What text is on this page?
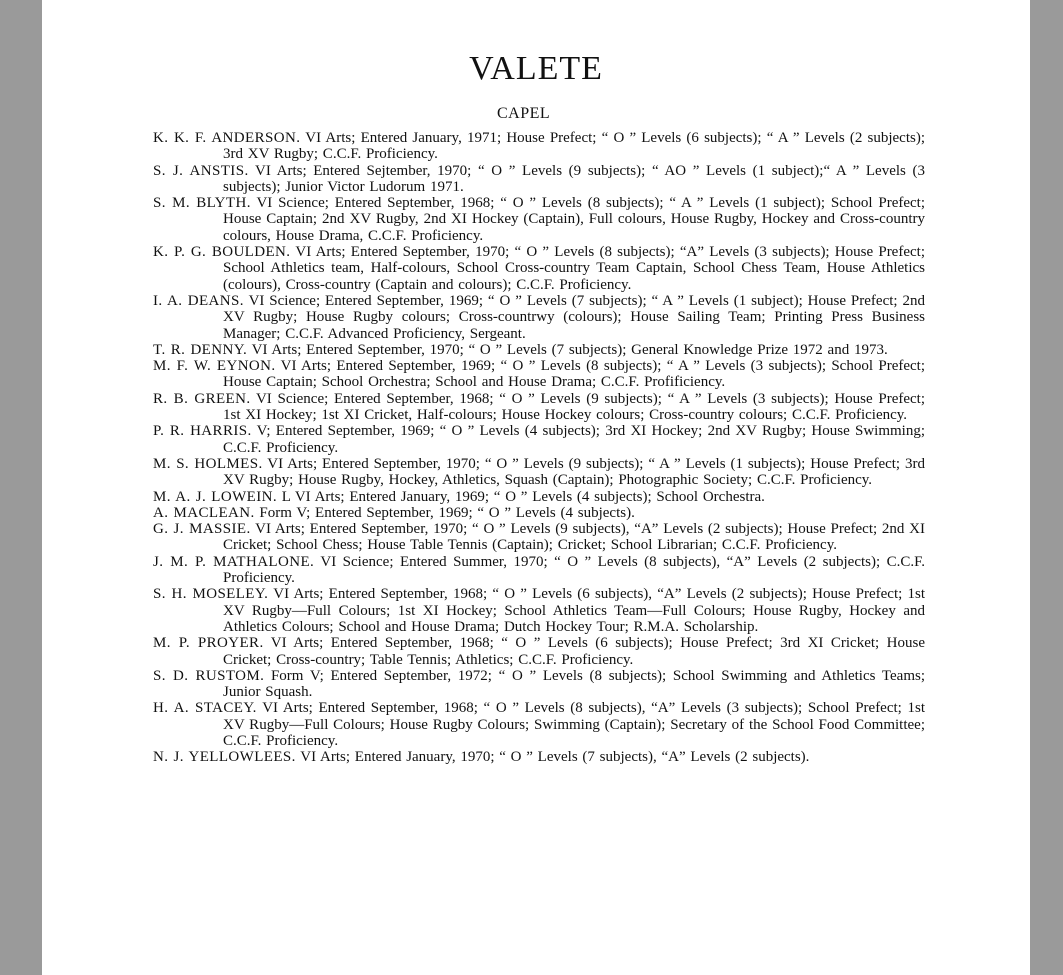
VALETE
CAPEL
K. K. F. ANDERSON. VI Arts; Entered January, 1971; House Prefect; “ O ” Levels (6 subjects); “ A ” Levels (2 subjects); 3rd XV Rugby; C.C.F. Proficiency.
S. J. ANSTIS. VI Arts; Entered Sejtember, 1970; “ O ” Levels (9 subjects); “ AO ” Levels (1 subject);“ A ” Levels (3 subjects); Junior Victor Ludorum 1971.
S. M. BLYTH. VI Science; Entered September, 1968; “ O ” Levels (8 subjects); “ A ” Levels (1 subject); School Prefect; House Captain; 2nd XV Rugby, 2nd XI Hockey (Captain), Full colours, House Rugby, Hockey and Cross-country colours, House Drama, C.C.F. Proficiency.
K. P. G. BOULDEN. VI Arts; Entered September, 1970; “ O ” Levels (8 subjects); “A” Levels (3 subjects); House Prefect; School Athletics team, Half-colours, School Cross-country Team Captain, School Chess Team, House Athletics (colours), Cross-country (Captain and colours); C.C.F. Proficiency.
I. A. DEANS. VI Science; Entered September, 1969; “ O ” Levels (7 subjects); “ A ” Levels (1 subject); House Prefect; 2nd XV Rugby; House Rugby colours; Cross-countrwy (colours); House Sailing Team; Printing Press Business Manager; C.C.F. Advanced Proficiency, Sergeant.
T. R. DENNY. VI Arts; Entered September, 1970; “ O ” Levels (7 subjects); General Knowledge Prize 1972 and 1973.
M. F. W. EYNON. VI Arts; Entered September, 1969; “ O ” Levels (8 subjects); “ A ” Levels (3 subjects); School Prefect; House Captain; School Orchestra; School and House Drama; C.C.F. Profificiency.
R. B. GREEN. VI Science; Entered September, 1968; “ O ” Levels (9 subjects); “ A ” Levels (3 subjects); House Prefect; 1st XI Hockey; 1st XI Cricket, Half-colours; House Hockey colours; Cross-country colours; C.C.F. Proficiency.
P. R. HARRIS. V; Entered September, 1969; “ O ” Levels (4 subjects); 3rd XI Hockey; 2nd XV Rugby; House Swimming; C.C.F. Proficiency.
M. S. HOLMES. VI Arts; Entered September, 1970; “ O ” Levels (9 subjects); “ A ” Levels (1 subjects); House Prefect; 3rd XV Rugby; House Rugby, Hockey, Athletics, Squash (Captain); Photographic Society; C.C.F. Proficiency.
M. A. J. LOWEIN. L VI Arts; Entered January, 1969; “ O ” Levels (4 subjects); School Orchestra.
A. MACLEAN. Form V; Entered September, 1969; “ O ” Levels (4 subjects).
G. J. MASSIE. VI Arts; Entered September, 1970; “ O ” Levels (9 subjects), “A” Levels (2 subjects); House Prefect; 2nd XI Cricket; School Chess; House Table Tennis (Captain); Cricket; School Librarian; C.C.F. Proficiency.
J. M. P. MATHALONE. VI Science; Entered Summer, 1970; “ O ” Levels (8 subjects), “A” Levels (2 subjects); C.C.F. Proficiency.
S. H. MOSELEY. VI Arts; Entered September, 1968; “ O ” Levels (6 subjects), “A” Levels (2 subjects); House Prefect; 1st XV Rugby—Full Colours; 1st XI Hockey; School Athletics Team—Full Colours; House Rugby, Hockey and Athletics Colours; School and House Drama; Dutch Hockey Tour; R.M.A. Scholarship.
M. P. PROYER. VI Arts; Entered September, 1968; “ O ” Levels (6 subjects); House Prefect; 3rd XI Cricket; House Cricket; Cross-country; Table Tennis; Athletics; C.C.F. Proficiency.
S. D. RUSTOM. Form V; Entered September, 1972; “ O ” Levels (8 subjects); School Swimming and Athletics Teams; Junior Squash.
H. A. STACEY. VI Arts; Entered September, 1968; “ O ” Levels (8 subjects), “A” Levels (3 subjects); School Prefect; 1st XV Rugby—Full Colours; House Rugby Colours; Swimming (Captain); Secretary of the School Food Committee; C.C.F. Proficiency.
N. J. YELLOWLEES. VI Arts; Entered January, 1970; “ O ” Levels (7 subjects), “A” Levels (2 subjects).
